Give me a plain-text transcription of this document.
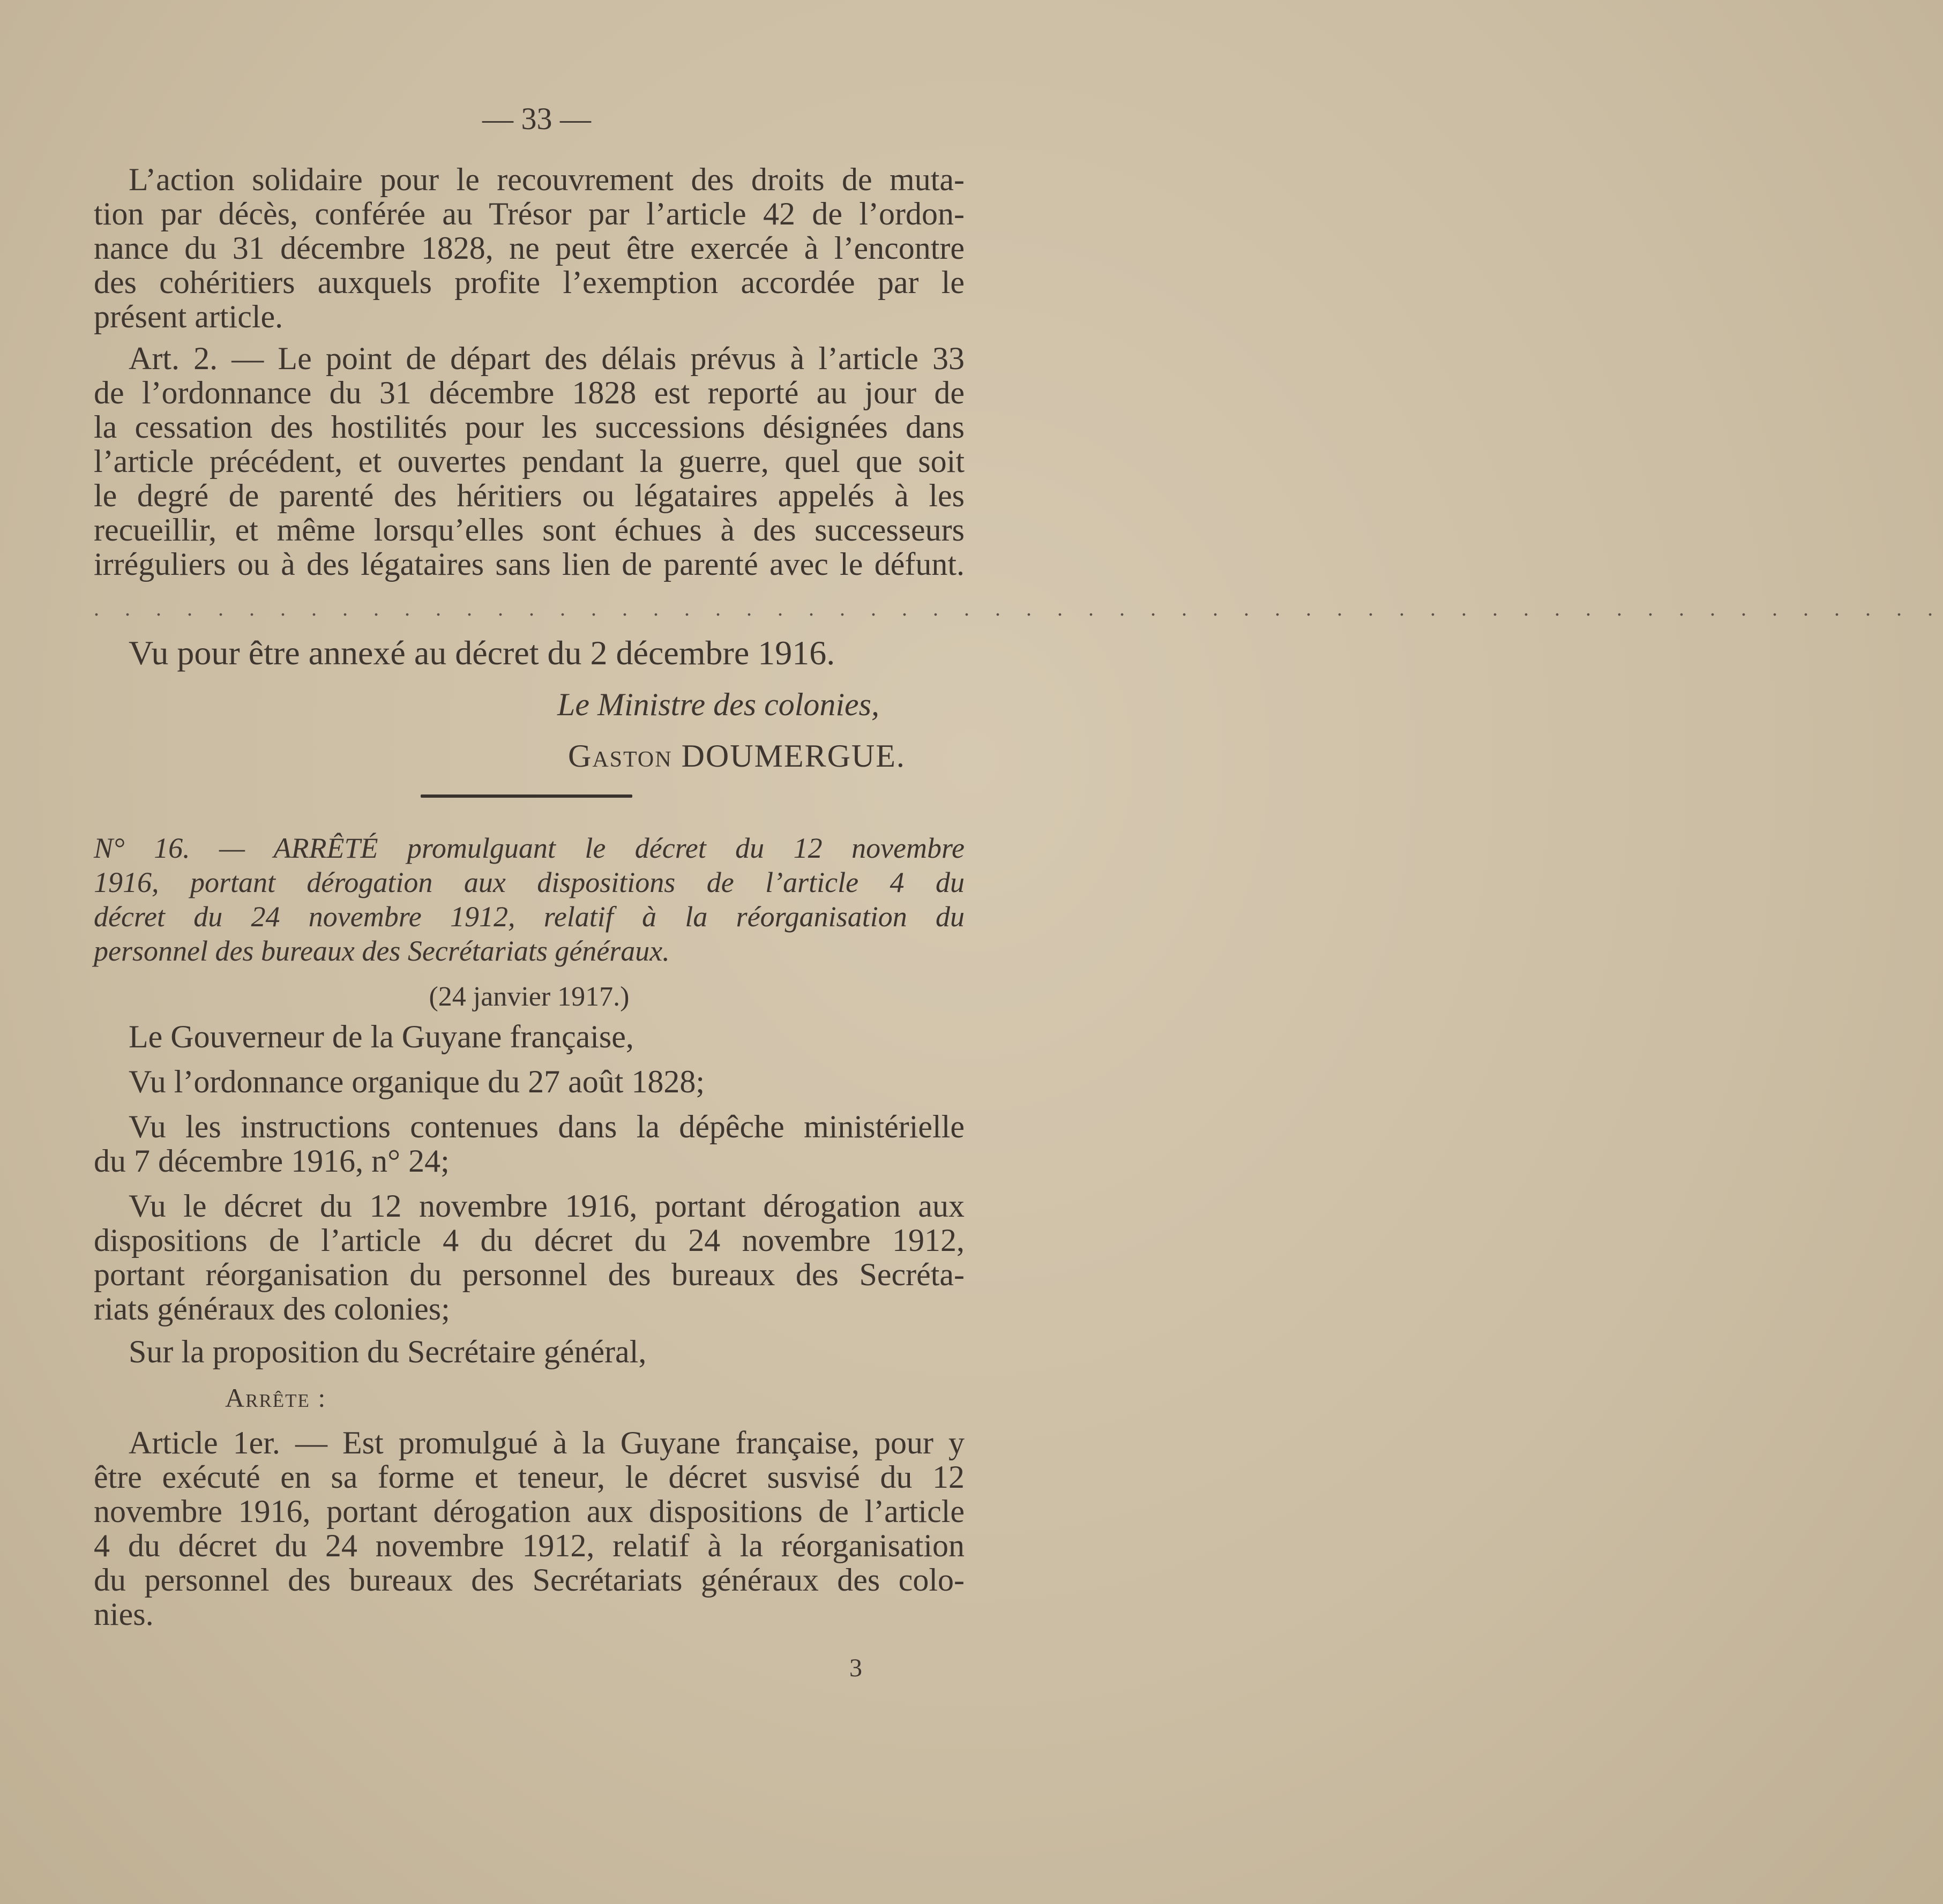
— 33 —
L’action solidaire pour le recouvrement des droits de muta-
tion par décès, conférée au Trésor par l’article 42 de l’ordon-
nance du 31 décembre 1828, ne peut être exercée à l’encontre
des cohéritiers auxquels profite l’exemption accordée par le
présent article.
Art. 2. — Le point de départ des délais prévus à l’article 33
de l’ordonnance du 31 décembre 1828 est reporté au jour de
la cessation des hostilités pour les successions désignées dans
l’article précédent, et ouvertes pendant la guerre, quel que soit
le degré de parenté des héritiers ou légataires appelés à les
recueillir, et même lorsqu’elles sont échues à des successeurs
irréguliers ou à des légataires sans lien de parenté avec le défunt.
. . . . . . . . . . . . . . . . . . . . . . . . . . . . . . . . . . . . . . . . . . . . . . . . . . . . . . . . . . . .
Vu pour être annexé au décret du 2 décembre 1916.
Le Ministre des colonies,
Gaston DOUMERGUE.
N° 16. — ARRÊTÉ promulguant le décret du 12 novembre
1916, portant dérogation aux dispositions de l’article 4 du
décret du 24 novembre 1912, relatif à la réorganisation du
personnel des bureaux des Secrétariats généraux.
(24 janvier 1917.)
Le Gouverneur de la Guyane française,
Vu l’ordonnance organique du 27 août 1828;
Vu les instructions contenues dans la dépêche ministérielle
du 7 décembre 1916, n° 24;
Vu le décret du 12 novembre 1916, portant dérogation aux
dispositions de l’article 4 du décret du 24 novembre 1912,
portant réorganisation du personnel des bureaux des Secréta-
riats généraux des colonies;
Sur la proposition du Secrétaire général,
Arrête :
Article 1er. — Est promulgué à la Guyane française, pour y
être exécuté en sa forme et teneur, le décret susvisé du 12
novembre 1916, portant dérogation aux dispositions de l’article
4 du décret du 24 novembre 1912, relatif à la réorganisation
du personnel des bureaux des Secrétariats généraux des colo-
nies.
3
